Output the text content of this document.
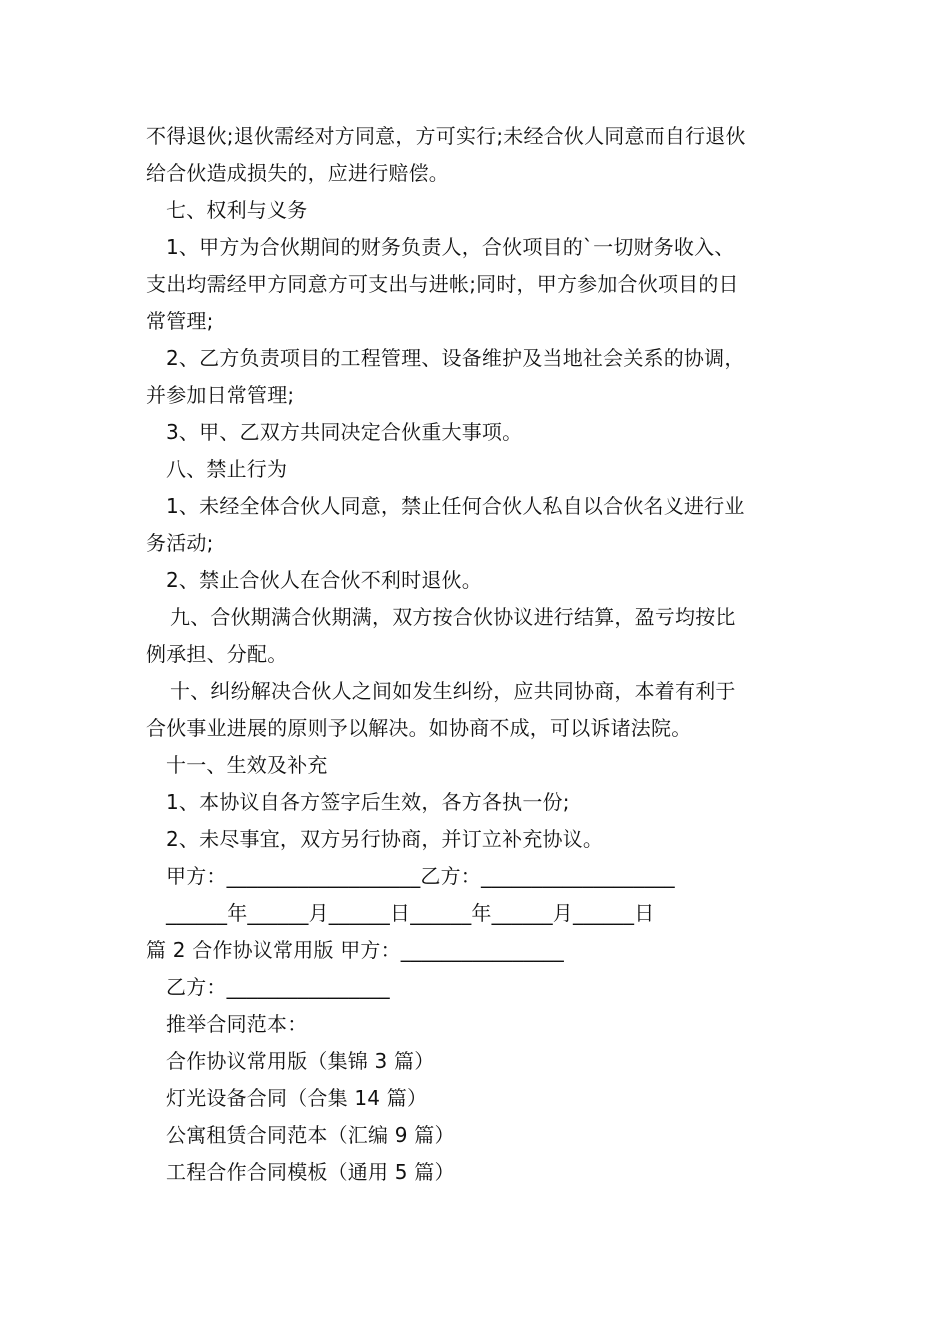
不得退伙;退伙需经对方同意，方可实行;未经合伙人同意而自行退伙
给合伙造成损失的，应进行赔偿。
七、权利与义务
1、甲方为合伙期间的财务负责人，合伙项目的`一切财务收入、
支出均需经甲方同意方可支出与进帐;同时，甲方参加合伙项目的日
常管理;
2、乙方负责项目的工程管理、设备维护及当地社会关系的协调，
并参加日常管理;
3、甲、乙双方共同决定合伙重大事项。
八、禁止行为
1、未经全体合伙人同意，禁止任何合伙人私自以合伙名义进行业
务活动;
2、禁止合伙人在合伙不利时退伙。
九、合伙期满合伙期满，双方按合伙协议进行结算，盈亏均按比
例承担、分配。
十、纠纷解决合伙人之间如发生纠纷，应共同协商，本着有利于
合伙事业进展的原则予以解决。如协商不成，可以诉诸法院。
十一、生效及补充
1、本协议自各方签字后生效，各方各执一份;
2、未尽事宜，双方另行协商，并订立补充协议。
甲方：___________________乙方：___________________
______年______月______日______年______月______日
篇 2 合作协议常用版 甲方：________________
乙方：________________
推举合同范本：
合作协议常用版（集锦 3 篇）
灯光设备合同（合集 14 篇）
公寓租赁合同范本（汇编 9 篇）
工程合作合同模板（通用 5 篇）
